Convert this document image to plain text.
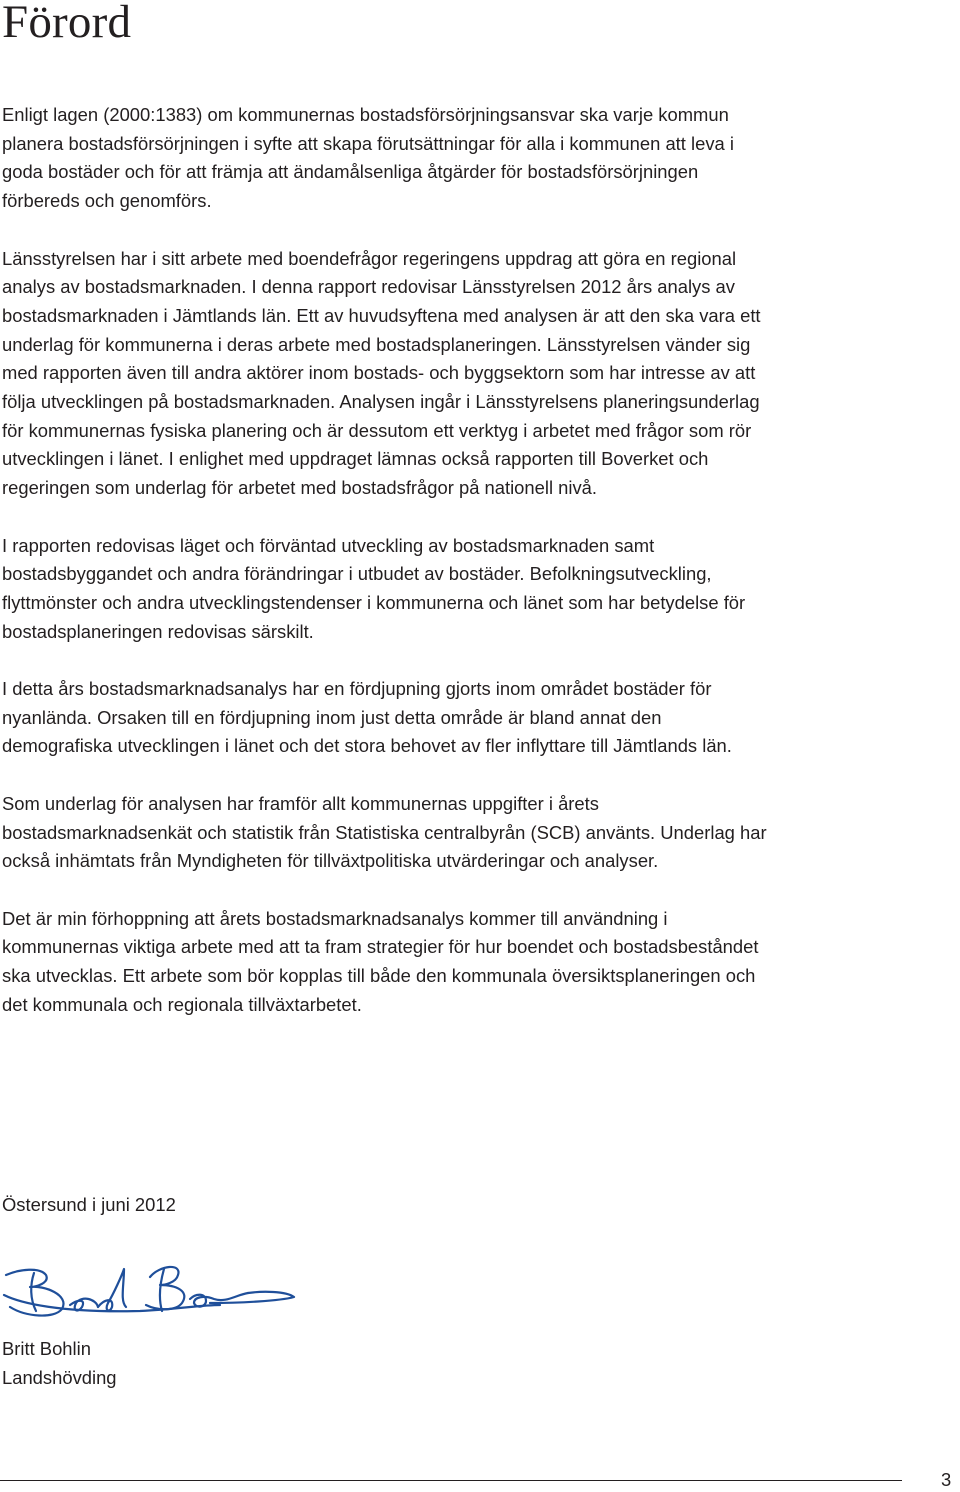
Förord

Enligt lagen (2000:1383) om kommunernas bostadsförsörjningsansvar ska varje kommun planera bostadsförsörjningen i syfte att skapa förutsättningar för alla i kommunen att leva i goda bostäder och för att främja att ändamålsenliga åtgärder för bostadsförsörjningen förbereds och genomförs.

Länsstyrelsen har i sitt arbete med boendefrågor regeringens uppdrag att göra en regional analys av bostadsmarknaden. I denna rapport redovisar Länsstyrelsen 2012 års analys av bostadsmarknaden i Jämtlands län. Ett av huvudsyftena med analysen är att den ska vara ett underlag för kommunerna i deras arbete med bostadsplaneringen. Länsstyrelsen vänder sig med rapporten även till andra aktörer inom bostads- och byggsektorn som har intresse av att följa utvecklingen på bostadsmarknaden. Analysen ingår i Länsstyrelsens planeringsunderlag för kommunernas fysiska planering och är dessutom ett verktyg i arbetet med frågor som rör utvecklingen i länet. I enlighet med uppdraget lämnas också rapporten till Boverket och regeringen som underlag för arbetet med bostadsfrågor på nationell nivå.

I rapporten redovisas läget och förväntad utveckling av bostadsmarknaden samt bostadsbyggandet och andra förändringar i utbudet av bostäder. Befolkningsutveckling, flyttmönster och andra utvecklingstendenser i kommunerna och länet som har betydelse för bostadsplaneringen redovisas särskilt.

I detta års bostadsmarknadsanalys har en fördjupning gjorts inom området bostäder för nyanlända. Orsaken till en fördjupning inom just detta område är bland annat den demografiska utvecklingen i länet och det stora behovet av fler inflyttare till Jämtlands län.

Som underlag för analysen har framför allt kommunernas uppgifter i årets bostadsmarknadsenkät och statistik från Statistiska centralbyrån (SCB) använts. Underlag har också inhämtats från Myndigheten för tillväxtpolitiska utvärderingar och analyser.

Det är min förhoppning att årets bostadsmarknadsanalys kommer till användning i kommunernas viktiga arbete med att ta fram strategier för hur boendet och bostadsbeståndet ska utvecklas. Ett arbete som bör kopplas till både den kommunala översiktsplaneringen och det kommunala och regionala tillväxtarbetet.

Östersund i juni 2012

Britt Bohlin
Landshövding
3
